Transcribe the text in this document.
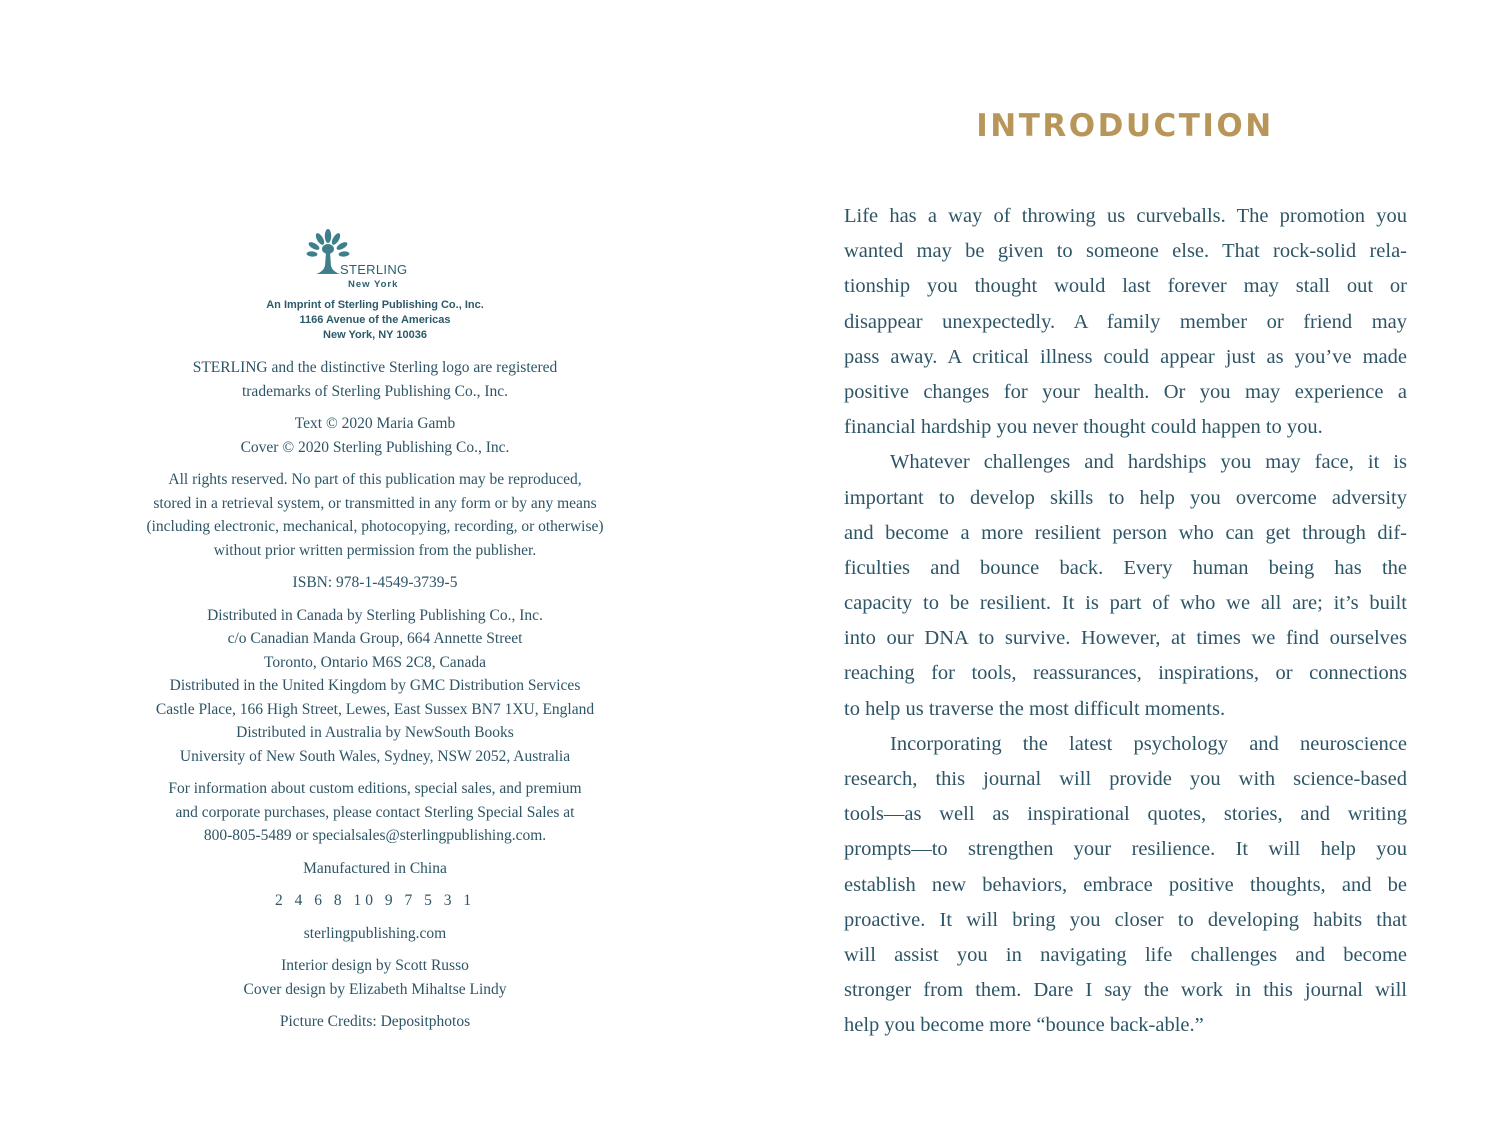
STERLING
New York
An Imprint of Sterling Publishing Co., Inc.
1166 Avenue of the Americas
New York, NY 10036
STERLING and the distinctive Sterling logo are registered
trademarks of Sterling Publishing Co., Inc.
Text © 2020 Maria Gamb
Cover © 2020 Sterling Publishing Co., Inc.
All rights reserved. No part of this publication may be reproduced,
stored in a retrieval system, or transmitted in any form or by any means
(including electronic, mechanical, photocopying, recording, or otherwise)
without prior written permission from the publisher.
ISBN: 978-1-4549-3739-5
Distributed in Canada by Sterling Publishing Co., Inc.
c/o Canadian Manda Group, 664 Annette Street
Toronto, Ontario M6S 2C8, Canada
Distributed in the United Kingdom by GMC Distribution Services
Castle Place, 166 High Street, Lewes, East Sussex BN7 1XU, England
Distributed in Australia by NewSouth Books
University of New South Wales, Sydney, NSW 2052, Australia
For information about custom editions, special sales, and premium
and corporate purchases, please contact Sterling Special Sales at
800-805-5489 or specialsales@sterlingpublishing.com.
Manufactured in China
2 4 6 8 10 9 7 5 3 1
sterlingpublishing.com
Interior design by Scott Russo
Cover design by Elizabeth Mihaltse Lindy
Picture Credits: Depositphotos
INTRODUCTION
Life has a way of throwing us curveballs. The promotion you
wanted may be given to someone else. That rock-solid rela-
tionship you thought would last forever may stall out or
disappear unexpectedly. A family member or friend may
pass away. A critical illness could appear just as you’ve made
positive changes for your health. Or you may experience a
financial hardship you never thought could happen to you.
Whatever challenges and hardships you may face, it is
important to develop skills to help you overcome adversity
and become a more resilient person who can get through dif-
ficulties and bounce back. Every human being has the
capacity to be resilient. It is part of who we all are; it’s built
into our DNA to survive. However, at times we find ourselves
reaching for tools, reassurances, inspirations, or connections
to help us traverse the most difficult moments.
Incorporating the latest psychology and neuroscience
research, this journal will provide you with science-based
tools—as well as inspirational quotes, stories, and writing
prompts—to strengthen your resilience. It will help you
establish new behaviors, embrace positive thoughts, and be
proactive. It will bring you closer to developing habits that
will assist you in navigating life challenges and become
stronger from them. Dare I say the work in this journal will
help you become more “bounce back-able.”
